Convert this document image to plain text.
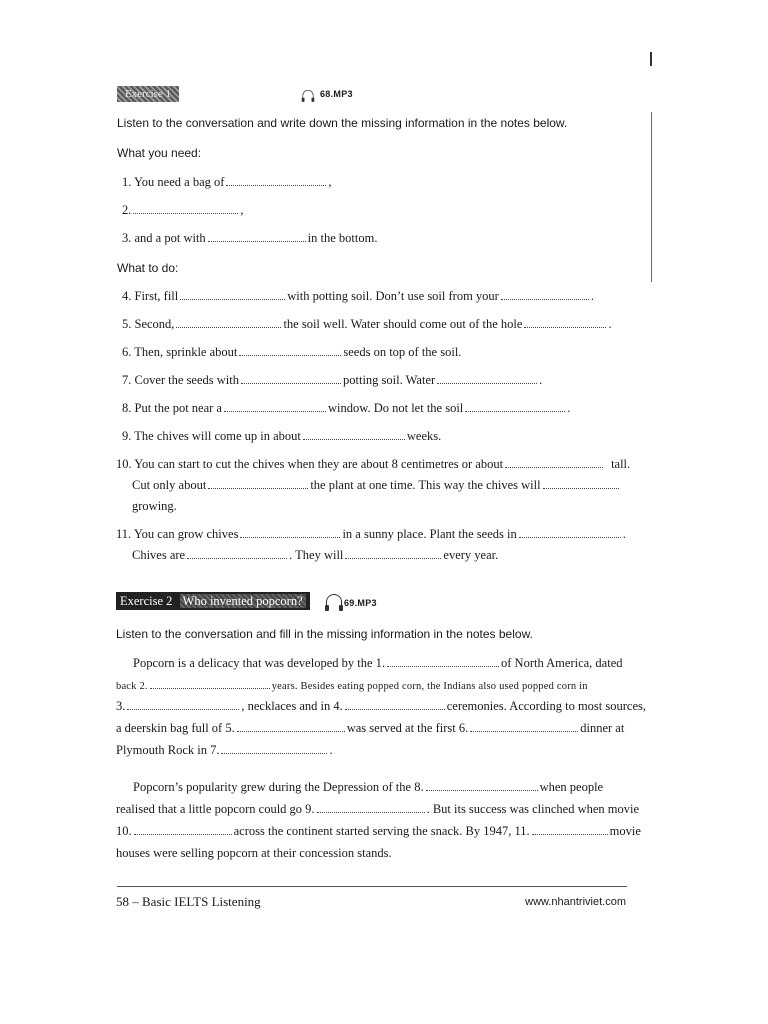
Exercise 1	68.MP3
Listen to the conversation and write down the missing information in the notes below.
What you need:
1. You need a bag of	,
2.	,
3. and a pot with	in the bottom.
What to do:
4. First, fill	with potting soil. Don’t use soil from your	.
5. Second,	the soil well. Water should come out of the hole	.
6. Then, sprinkle about	seeds on top of the soil.
7. Cover the seeds with	potting soil. Water	.
8. Put the pot near a	window. Do not let the soil	.
9. The chives will come up in about	weeks.
10. You can start to cut the chives when they are about 8 centimetres or about	tall.
Cut only about	the plant at one time. This way the chives will
growing.
11. You can grow chives	in a sunny place. Plant the seeds in	.
Chives are	. They will	every year.
Exercise 2 Who invented popcorn?	69.MP3
Listen to the conversation and fill in the missing information in the notes below.
Popcorn is a delicacy that was developed by the 1.	of North America, dated
back 2.	years. Besides eating popped corn, the Indians also used popped corn in
3.	, necklaces and in 4.	ceremonies. According to most sources,
a deerskin bag full of 5.	was served at the first 6.	dinner at
Plymouth Rock in 7.	.
Popcorn’s popularity grew during the Depression of the 8.	when people
realised that a little popcorn could go 9.	. But its success was clinched when movie
10.	across the continent started serving the snack. By 1947, 11.	movie
houses were selling popcorn at their concession stands.
58 – Basic IELTS Listening	www.nhantriviet.com
